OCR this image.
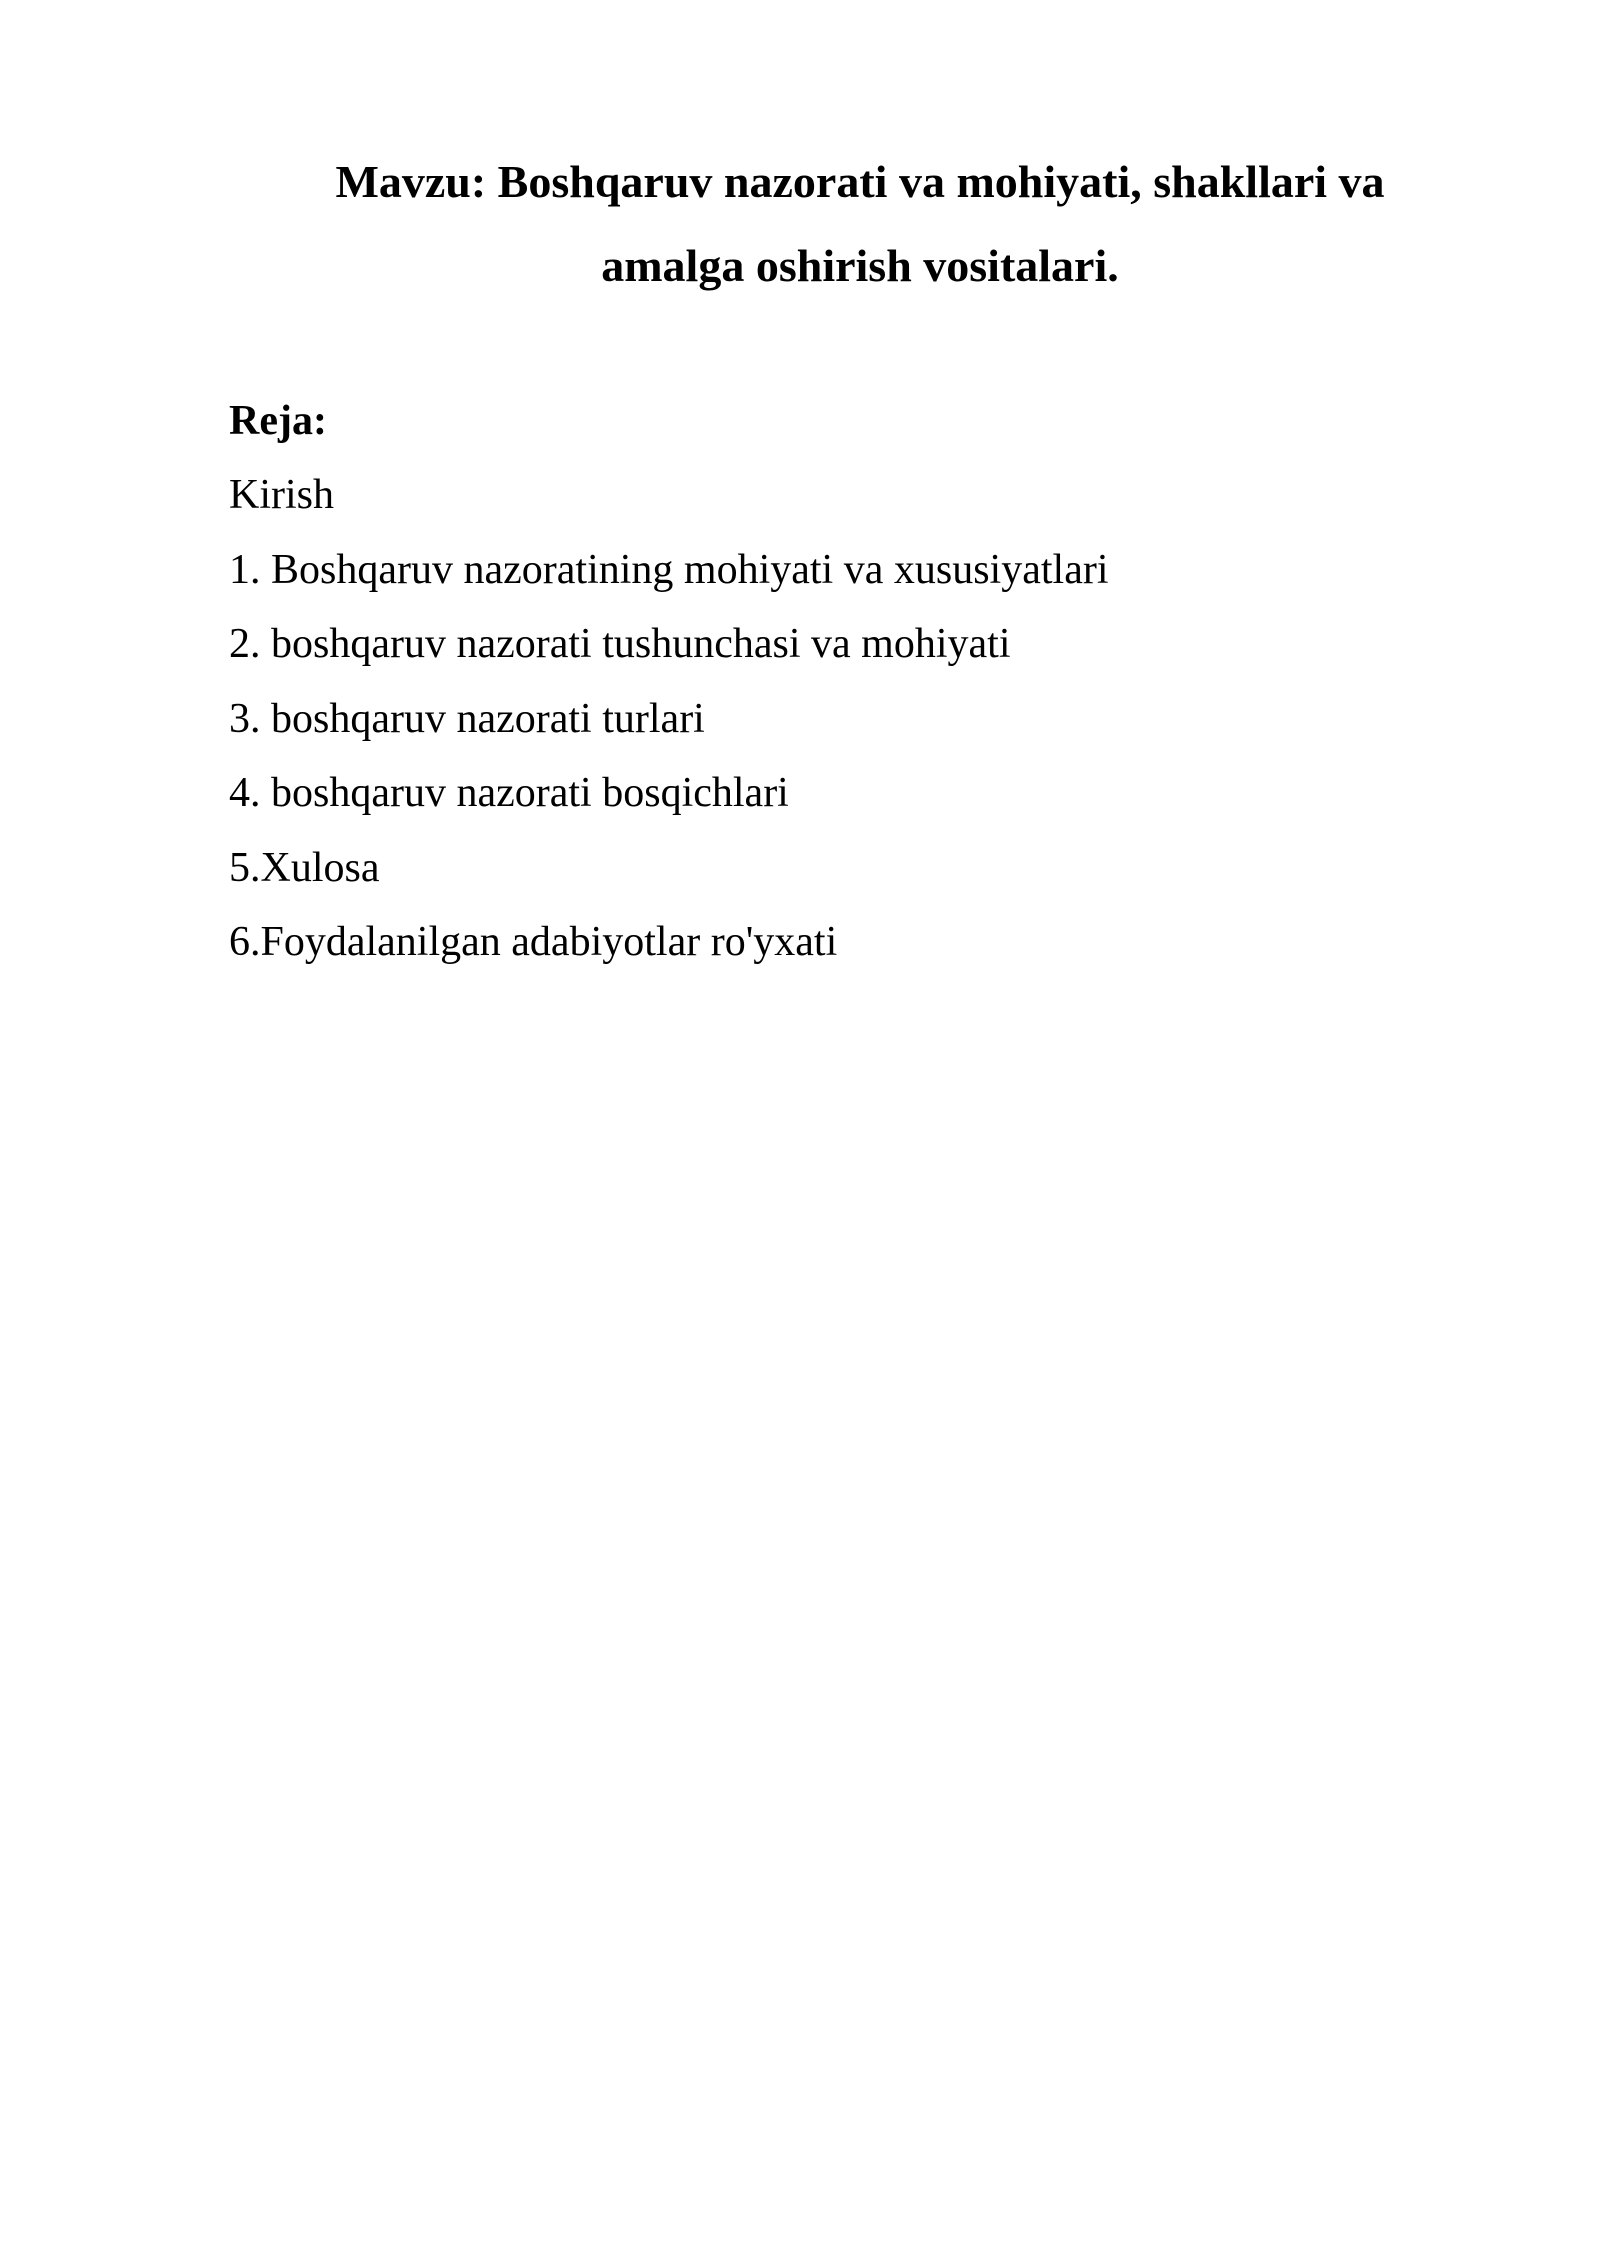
Mavzu: Boshqaruv nazorati va mohiyati, shakllari va
amalga oshirish vositalari.

Reja:

Kirish
1. Boshqaruv nazoratining mohiyati va xususiyatlari
2. boshqaruv nazorati tushunchasi va mohiyati
3. boshqaruv nazorati turlari
4. boshqaruv nazorati bosqichlari
5.Xulosa
6.Foydalanilgan adabiyotlar ro'yxati
